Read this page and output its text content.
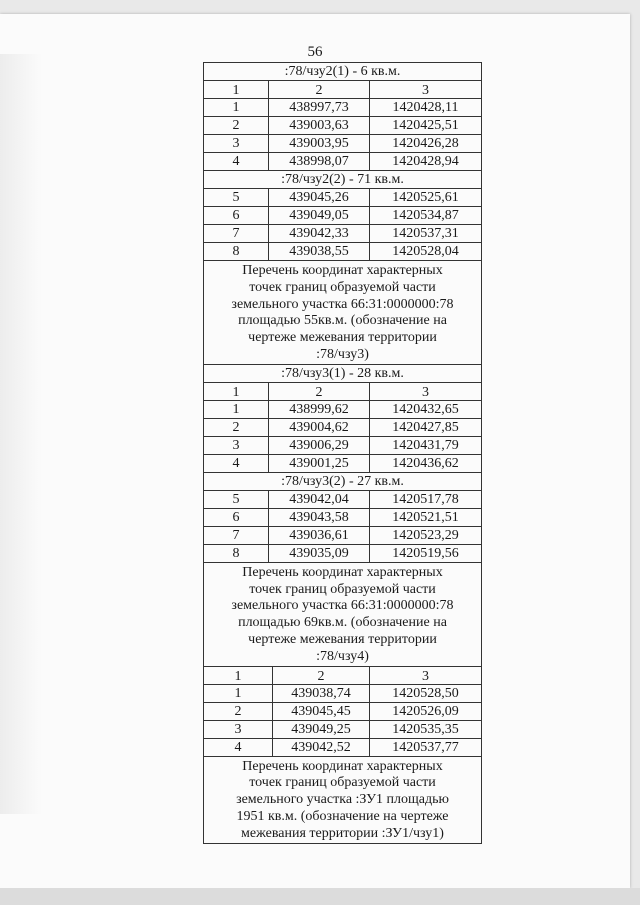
56
:78/чзу2(1) - 6 кв.м.
1	2	3
1	438997,73	1420428,11
2	439003,63	1420425,51
3	439003,95	1420426,28
4	438998,07	1420428,94
:78/чзу2(2) - 71 кв.м.
5	439045,26	1420525,61
6	439049,05	1420534,87
7	439042,33	1420537,31
8	439038,55	1420528,04
Перечень координат характерных
точек границ образуемой части
земельного участка 66:31:0000000:78
площадью 55кв.м. (обозначение на
чертеже межевания территории
:78/чзу3)
:78/чзу3(1) - 28 кв.м.
1	2	3
1	438999,62	1420432,65
2	439004,62	1420427,85
3	439006,29	1420431,79
4	439001,25	1420436,62
:78/чзу3(2) - 27 кв.м.
5	439042,04	1420517,78
6	439043,58	1420521,51
7	439036,61	1420523,29
8	439035,09	1420519,56
Перечень координат характерных
точек границ образуемой части
земельного участка 66:31:0000000:78
площадью 69кв.м. (обозначение на
чертеже межевания территории
:78/чзу4)
1	2	3
1	439038,74	1420528,50
2	439045,45	1420526,09
3	439049,25	1420535,35
4	439042,52	1420537,77
Перечень координат характерных
точек границ образуемой части
земельного участка :ЗУ1 площадью
1951 кв.м. (обозначение на чертеже
межевания территории :ЗУ1/чзу1)
